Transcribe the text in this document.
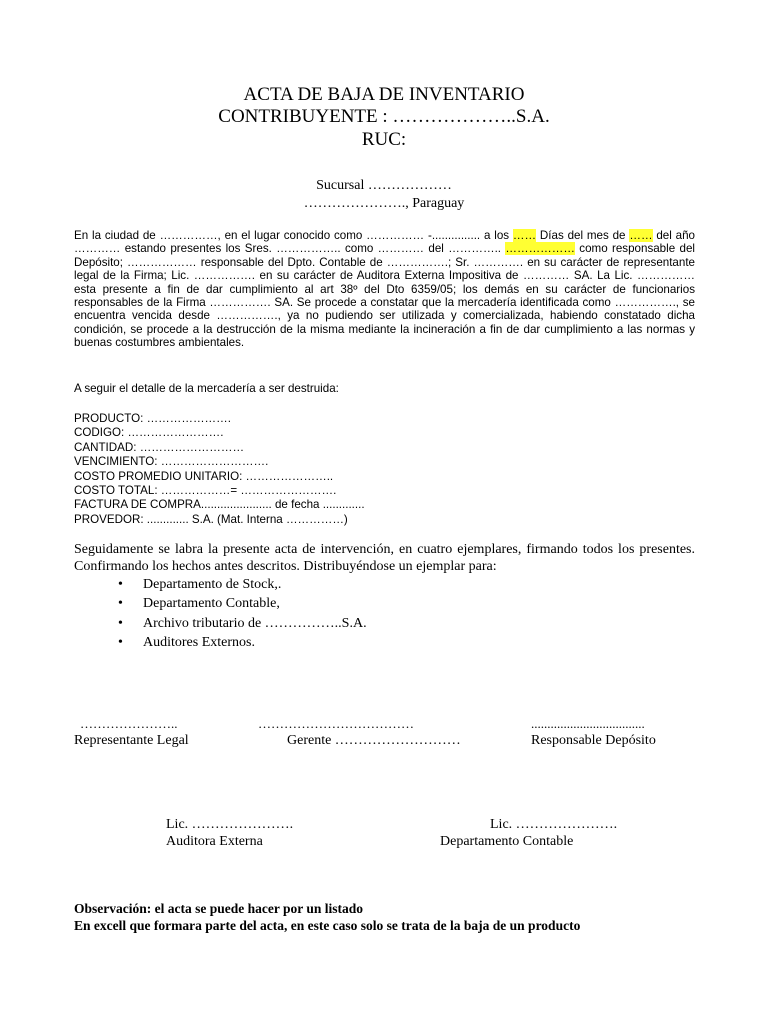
ACTA DE BAJA DE INVENTARIO
CONTRIBUYENTE : ………………..S.A.
RUC:
Sucursal ………………
…………………., Paraguay
En la ciudad de ……………, en el lugar conocido como …………… -............... a los …… Días del mes de …… del año ………… estando presentes los Sres. …………….. como ………… del ………….. ……………… como responsable del Depósito; ……………… responsable del Dpto. Contable de …………….; Sr. …………. en su carácter de representante legal de la Firma; Lic. ……………. en su carácter de Auditora Externa Impositiva de ………… SA. La Lic. …………… esta presente a fin de dar cumplimiento al art 38º del Dto 6359/05; los demás en su carácter de funcionarios responsables de la Firma ……………. SA. Se procede a constatar que la mercadería identificada como ……………., se encuentra vencida desde ……………., ya no pudiendo ser utilizada y comercializada, habiendo constatado dicha condición, se procede a la destrucción de la misma mediante la incineración a fin de dar cumplimiento a las normas y buenas costumbres ambientales.
A seguir el detalle de la mercadería a ser destruida:
PRODUCTO: ………………….
CODIGO: …………………….
CANTIDAD: ………………………
VENCIMIENTO: ……………………….
COSTO PROMEDIO UNITARIO: …………………..
COSTO TOTAL: ………………= …………………….
FACTURA DE COMPRA...................... de fecha .............
PROVEDOR: ............. S.A. (Mat. Interna ……………)
Seguidamente se labra la presente acta de intervención, en cuatro ejemplares, firmando todos los presentes. Confirmando los hechos antes descritos. Distribuyéndose un ejemplar para:
• Departamento de Stock,.
• Departamento Contable,
• Archivo tributario de ……………..S.A.
• Auditores Externos.
…………………..
Representante Legal
………………………………
Gerente ………………………
...................................
Responsable Depósito
Lic. ………………….
Auditora Externa
Lic. ………………….
Departamento Contable
Observación: el acta se puede hacer por un listado
En excell que formara parte del acta, en este caso solo se trata de la baja de un producto
